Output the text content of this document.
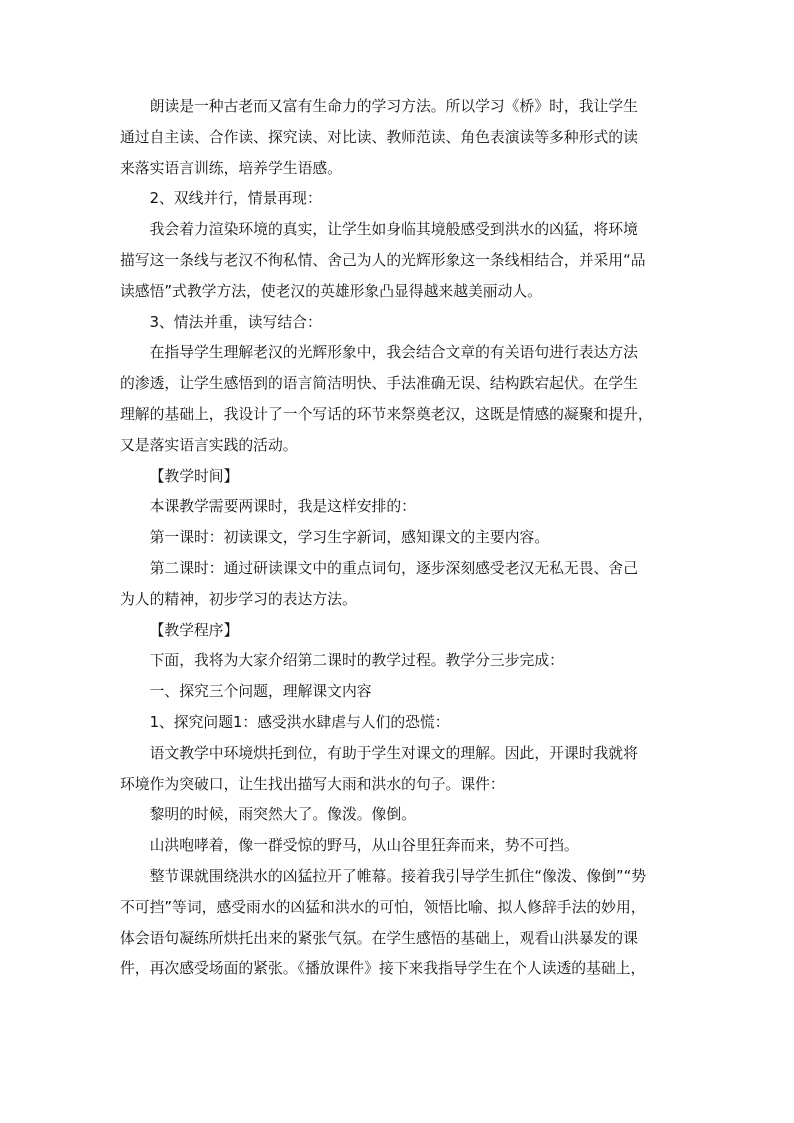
朗读是一种古老而又富有生命力的学习方法。所以学习《桥》时，我让学生

通过自主读、合作读、探究读、对比读、教师范读、角色表演读等多种形式的读

来落实语言训练，培养学生语感。

2、双线并行，情景再现：

我会着力渲染环境的真实，让学生如身临其境般感受到洪水的凶猛，将环境

描写这一条线与老汉不徇私情、舍己为人的光辉形象这一条线相结合，并采用“品

读感悟”式教学方法，使老汉的英雄形象凸显得越来越美丽动人。

3、情法并重，读写结合：

在指导学生理解老汉的光辉形象中，我会结合文章的有关语句进行表达方法

的渗透，让学生感悟到的语言简洁明快、手法准确无误、结构跌宕起伏。在学生

理解的基础上，我设计了一个写话的环节来祭奠老汉，这既是情感的凝聚和提升，

又是落实语言实践的活动。

【教学时间】

本课教学需要两课时，我是这样安排的：

第一课时：初读课文，学习生字新词，感知课文的主要内容。

第二课时：通过研读课文中的重点词句，逐步深刻感受老汉无私无畏、舍己

为人的精神，初步学习的表达方法。

【教学程序】

下面，我将为大家介绍第二课时的教学过程。教学分三步完成：

一、探究三个问题，理解课文内容

1、探究问题1：感受洪水肆虐与人们的恐慌：

语文教学中环境烘托到位，有助于学生对课文的理解。因此，开课时我就将

环境作为突破口，让生找出描写大雨和洪水的句子。课件：

黎明的时候，雨突然大了。像泼。像倒。

山洪咆哮着，像一群受惊的野马，从山谷里狂奔而来，势不可挡。

整节课就围绕洪水的凶猛拉开了帷幕。接着我引导学生抓住“像泼、像倒”“势

不可挡”等词，感受雨水的凶猛和洪水的可怕，领悟比喻、拟人修辞手法的妙用，

体会语句凝练所烘托出来的紧张气氛。在学生感悟的基础上，观看山洪暴发的课

件，再次感受场面的紧张。《播放课件》接下来我指导学生在个人读透的基础上，
